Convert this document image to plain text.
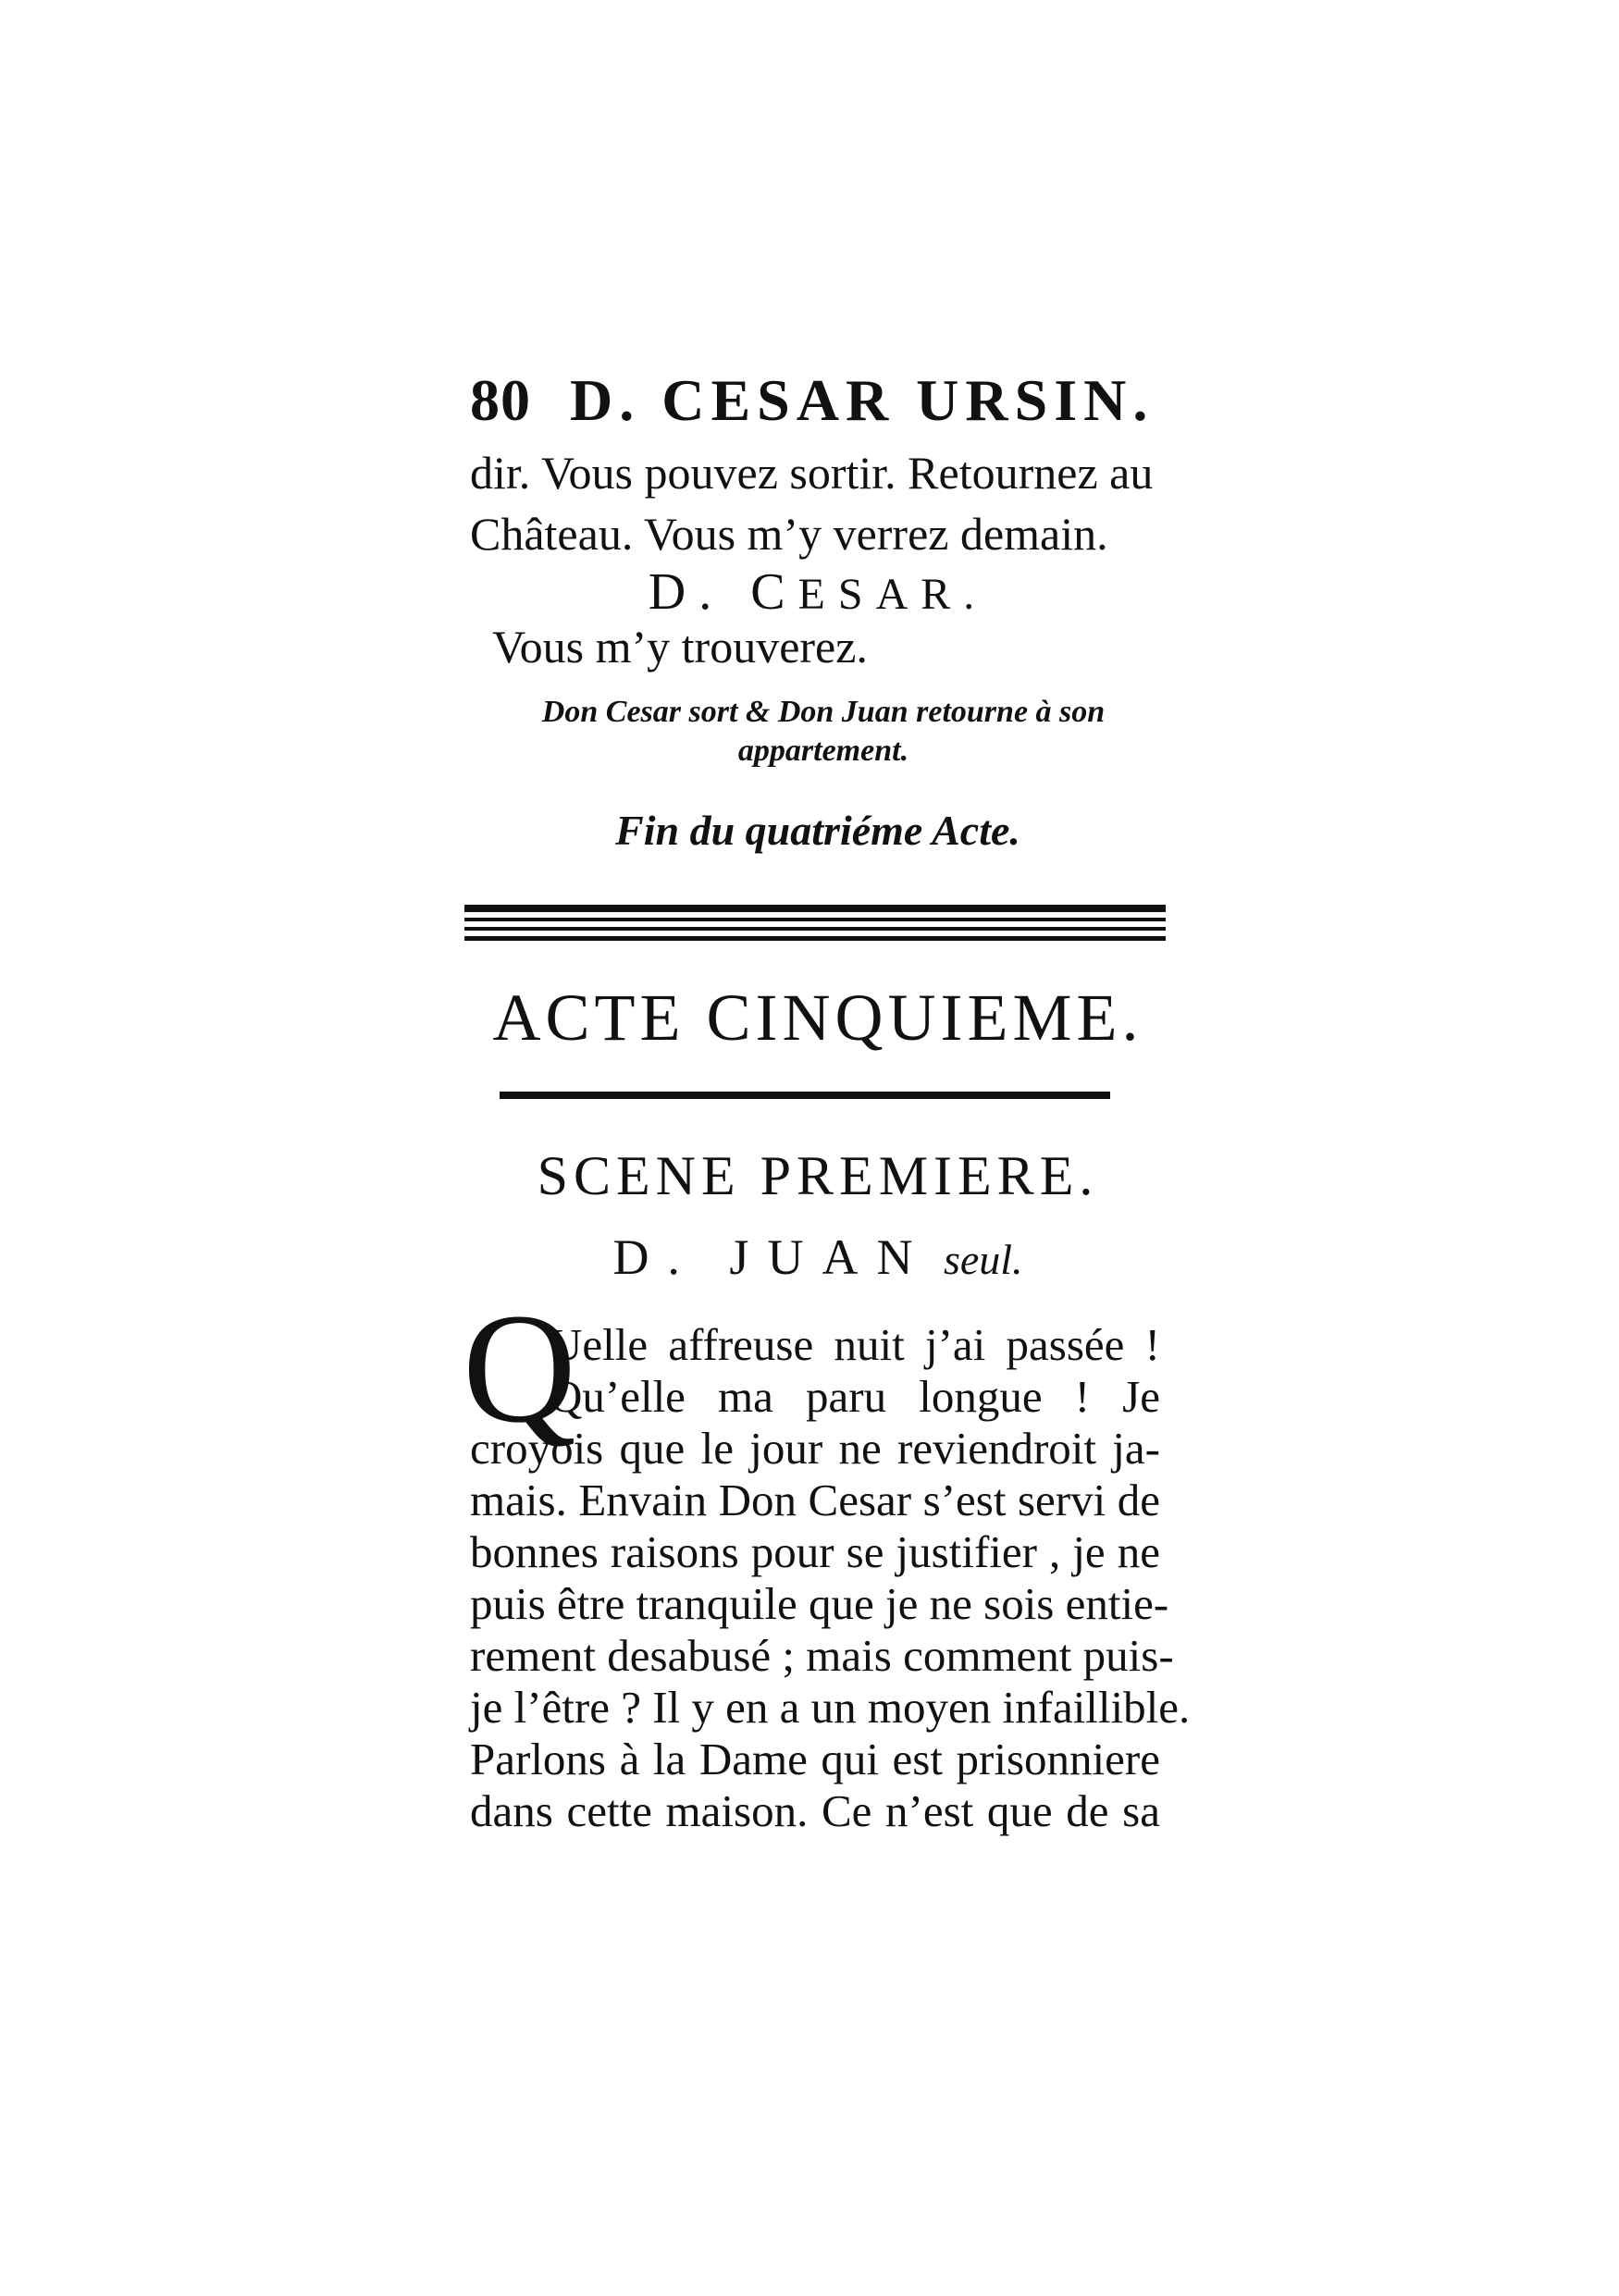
80 D. CESAR URSIN.
dir. Vous pouvez sortir. Retournez au
Château. Vous m’y verrez demain.
D. CESAR.
Vous m’y trouverez.
Don Cesar sort & Don Juan retourne à son
appartement.
Fin du quatriéme Acte.
ACTE CINQUIEME.
SCENE PREMIERE.
D. JUAN seul.
Q
Uelle affreuse nuit j’ai passée !
Qu’elle ma paru longue ! Je
croyois que le jour ne reviendroit ja-
mais. Envain Don Cesar s’est servi de
bonnes raisons pour se justifier , je ne
puis être tranquile que je ne sois entie-
rement desabusé ; mais comment puis-
je l’être ? Il y en a un moyen infaillible.
Parlons à la Dame qui est prisonniere
dans cette maison. Ce n’est que de sa
